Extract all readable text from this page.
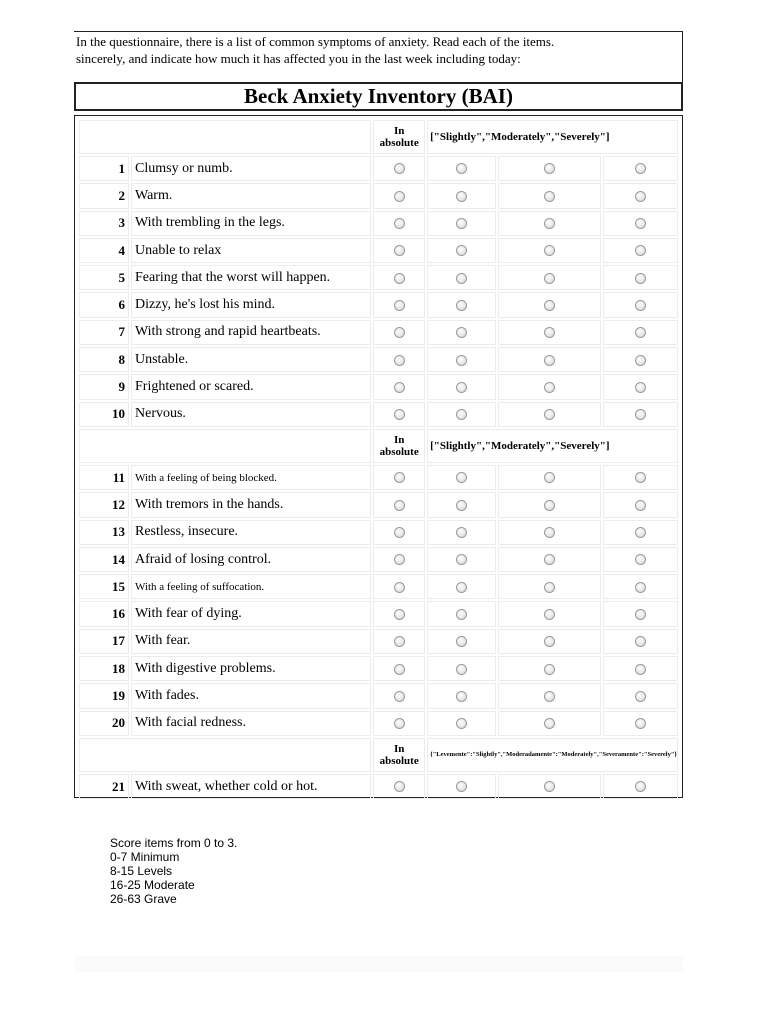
In the questionnaire, there is a list of common symptoms of anxiety. Read each of the items.
sincerely, and indicate how much it has affected you in the last week including today:
Beck Anxiety Inventory (BAI)

		In
absolute	["Slightly","Moderately","Severely"]		
1	Clumsy or numb.				
2	Warm.				
3	With trembling in the legs.				
4	Unable to relax				
5	Fearing that the worst will happen.				
6	Dizzy, he's lost his mind.				
7	With strong and rapid heartbeats.				
8	Unstable.				
9	Frightened or scared.				
10	Nervous.				

		In
absolute	["Slightly","Moderately","Severely"]		
11	With a feeling of being blocked.				
12	With tremors in the hands.				
13	Restless, insecure.				
14	Afraid of losing control.				
15	With a feeling of suffocation.				
16	With fear of dying.				
17	With fear.				
18	With digestive problems.				
19	With fades.				
20	With facial redness.				

		In
absolute	{"Levemente":"Slightly","Moderadamente":"Moderately","Severamente":"Severely"}		
21	With sweat, whether cold or hot.				
Score items from 0 to 3.
0-7 Minimum
8-15 Levels
16-25 Moderate
26-63 Grave
